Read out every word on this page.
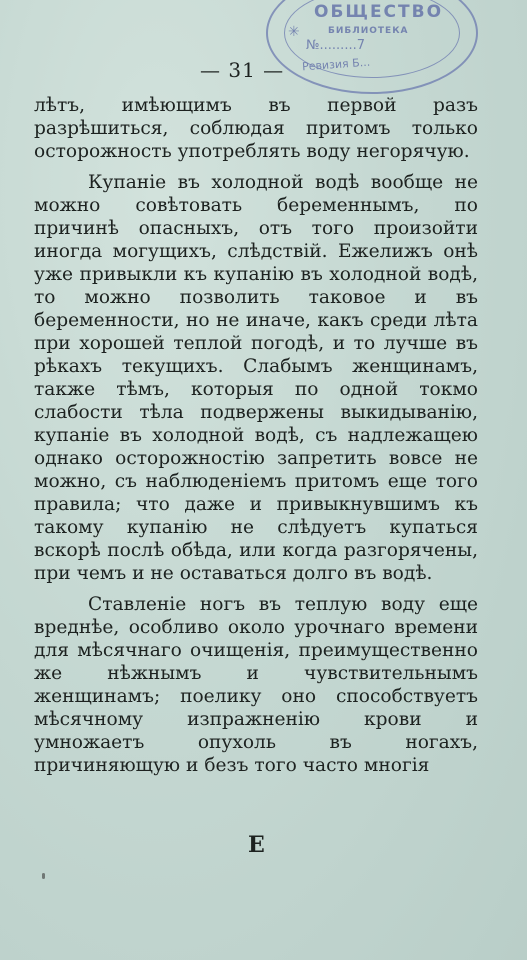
✳
ОБЩЕСТВО
БИБЛИОТЕКА
№.........7
Ревизия Б...
— 31 —

лѣтъ, имѣющимъ въ первой разъ разрѣшиться, соблюдая притомъ только осторожность употреблять воду негорячую.

Купаніе въ холодной водѣ вообще не можно совѣтовать беременнымъ, по причинѣ опасныхъ, отъ того произойти иногда могущихъ, слѣдствій. Ежелижъ онѣ уже привыкли къ купанію въ холодной водѣ, то можно позволить таковое и въ беременности, но не иначе, какъ среди лѣта при хорошей теплой погодѣ, и то лучше въ рѣкахъ текущихъ. Слабымъ женщинамъ, также тѣмъ, которыя по одной токмо слабости тѣла подвержены выкидыванію, купаніе въ холодной водѣ, съ надлежащею однако осторожностію запретить вовсе не можно, съ наблюденіемъ притомъ еще того правила; что даже и привыкнувшимъ къ такому купанію не слѣдуетъ купаться вскорѣ послѣ обѣда, или когда разгорячены, при чемъ и не оставаться долго въ водѣ.

Ставленіе ногъ въ теплую воду еще вреднѣе, особливо около урочнаго времени для мѣсячнаго очищенія, преимущественно же нѣжнымъ и чувствительнымъ женщинамъ; поелику оно способствуетъ мѣсячному изпражненію крови и умножаетъ опухоль въ ногахъ, причиняющую и безъ того часто многія

Е
